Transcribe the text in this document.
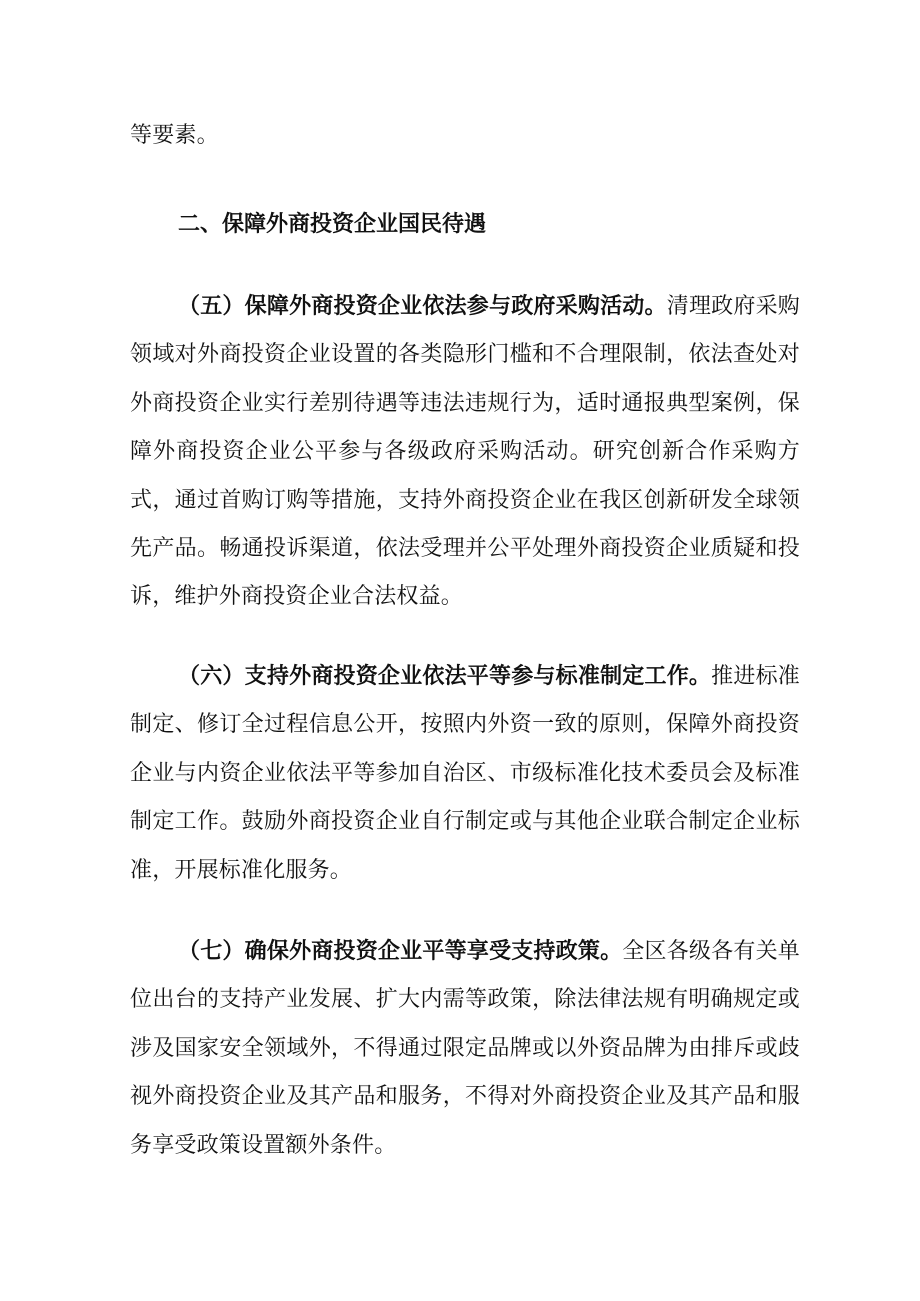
等要素。

二、保障外商投资企业国民待遇

（五）保障外商投资企业依法参与政府采购活动。清理政府采购领域对外商投资企业设置的各类隐形门槛和不合理限制，依法查处对外商投资企业实行差别待遇等违法违规行为，适时通报典型案例，保障外商投资企业公平参与各级政府采购活动。研究创新合作采购方式，通过首购订购等措施，支持外商投资企业在我区创新研发全球领先产品。畅通投诉渠道，依法受理并公平处理外商投资企业质疑和投诉，维护外商投资企业合法权益。

（六）支持外商投资企业依法平等参与标准制定工作。推进标准制定、修订全过程信息公开，按照内外资一致的原则，保障外商投资企业与内资企业依法平等参加自治区、市级标准化技术委员会及标准制定工作。鼓励外商投资企业自行制定或与其他企业联合制定企业标准，开展标准化服务。

（七）确保外商投资企业平等享受支持政策。全区各级各有关单位出台的支持产业发展、扩大内需等政策，除法律法规有明确规定或涉及国家安全领域外，不得通过限定品牌或以外资品牌为由排斥或歧视外商投资企业及其产品和服务，不得对外商投资企业及其产品和服务享受政策设置额外条件。
